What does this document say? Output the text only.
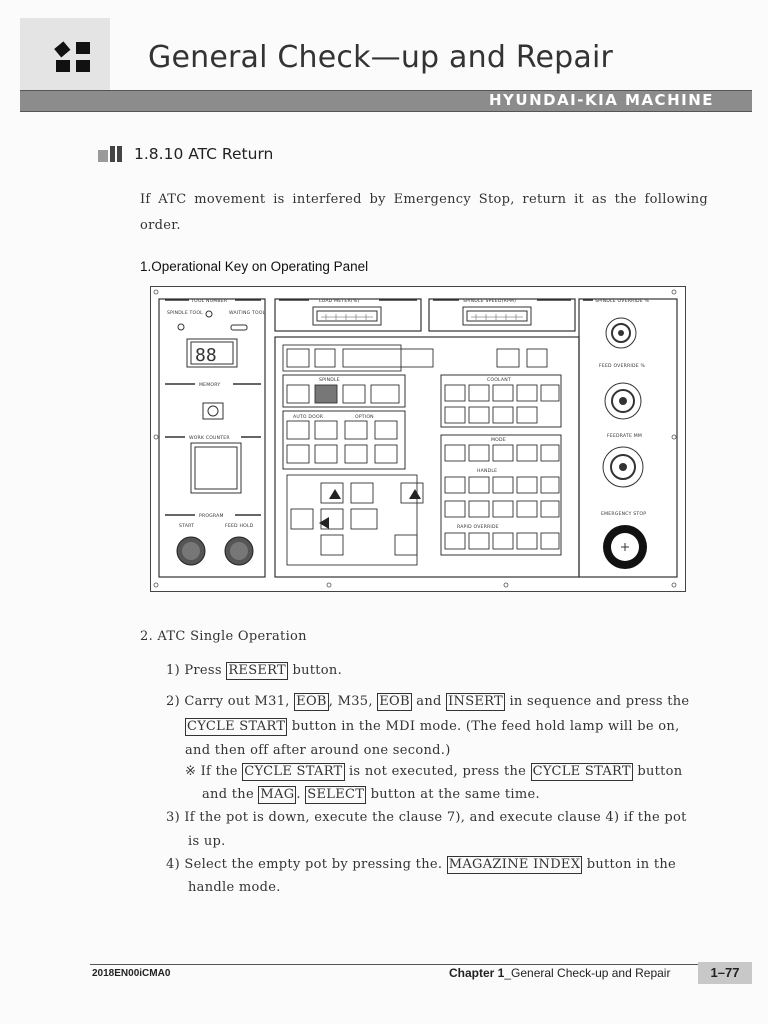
General Check—up and Repair
HYUNDAI-KIA MACHINE
1.8.10 ATC Return
If ATC movement is interfered by Emergency Stop, return it as the following order.
1.Operational Key on Operating Panel
TOOL NUMBER	LOAD METER(%)	SPINDLE SPEED(RPM)	SPINDLE OVERRIDE %
SPINDLE TOOL	WAITING TOOL
88
MEMORY
WORK COUNTER
PROGRAM
START	FEED HOLD
SPINDLE
AUTO DOOR	OPTION
COOLANT
MODE
HANDLE
RAPID OVERRIDE
FEED OVERRIDE %
FEEDRATE MM
EMERGENCY STOP
2. ATC Single Operation
1) Press RESERT button.
2) Carry out M31, EOB , M35, EOB and INSERT in sequence and press the
CYCLE START button in the MDI mode. (The feed hold lamp will be on,
and then off after around one second.)
※ If the CYCLE START is not executed, press the CYCLE START button
and the MAG . SELECT button at the same time.
3) If the pot is down, execute the clause 7), and execute clause 4) if the pot
is up.
4) Select the empty pot by pressing the. MAGAZINE INDEX button in the
handle mode.
2018EN00iCMA0	Chapter 1_General Check-up and Repair	1–77
